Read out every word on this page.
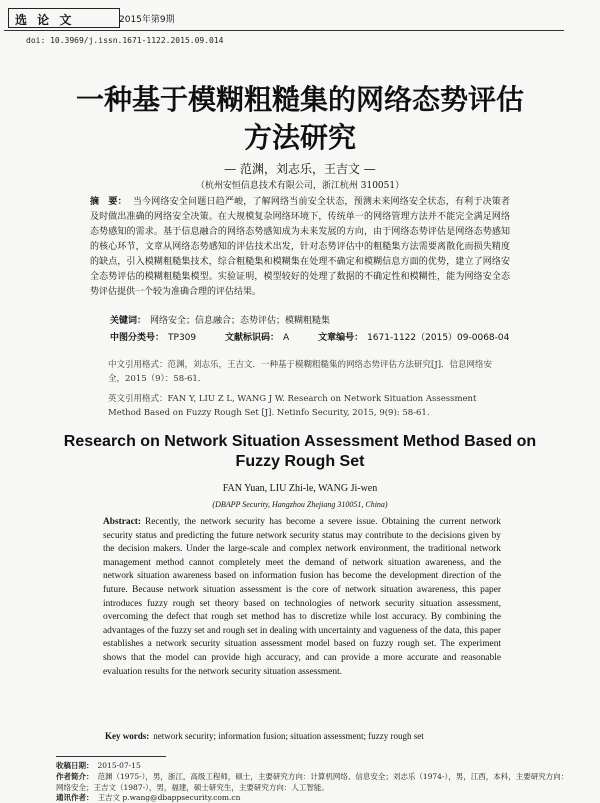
选 论 文	2015年第9期
doi: 10.3969/j.issn.1671-1122.2015.09.014
一种基于模糊粗糙集的网络态势评估
方法研究
— 范渊，刘志乐，王吉文 —
（杭州安恒信息技术有限公司，浙江杭州 310051）
摘　要： 当今网络安全问题日趋严峻，了解网络当前安全状态，预测未来网络安全状态，有利于决策者及时做出准确的网络安全决策。在大规模复杂网络环境下，传统单一的网络管理方法并不能完全满足网络态势感知的需求。基于信息融合的网络态势感知成为未来发展的方向，由于网络态势评估是网络态势感知的核心环节，文章从网络态势感知的评估技术出发，针对态势评估中的粗糙集方法需要离散化而损失精度的缺点，引入模糊粗糙集技术，综合粗糙集和模糊集在处理不确定和模糊信息方面的优势，建立了网络安全态势评估的模糊粗糙集模型。实验证明，模型较好的处理了数据的不确定性和模糊性，能为网络安全态势评估提供一个较为准确合理的评估结果。
关键词： 网络安全；信息融合；态势评估；模糊粗糙集
中图分类号： TP309	文献标识码： A	文章编号： 1671-1122（2015）09-0068-04
中文引用格式：范渊，刘志乐，王吉文．一种基于模糊粗糙集的网络态势评估方法研究[J]．信息网络安全，2015（9）：58-61．
英文引用格式：FAN Y, LIU Z L, WANG J W. Research on Network Situation Assessment Method Based on Fuzzy Rough Set [J]. Netinfo Security, 2015, 9(9): 58-61.
Research on Network Situation Assessment Method Based on
Fuzzy Rough Set
FAN Yuan, LIU Zhi-le, WANG Ji-wen
(DBAPP Security, Hangzhou Zhejiang 310051, China)
Abstract: Recently, the network security has become a severe issue. Obtaining the current network security status and predicting the future network security status may contribute to the decisions given by the decision makers. Under the large-scale and complex network environment, the traditional network management method cannot completely meet the demand of network situation awareness, and the network situation awareness based on information fusion has become the development direction of the future. Because network situation assessment is the core of network situation awareness, this paper introduces fuzzy rough set theory based on technologies of network security situation assessment, overcoming the defect that rough set method has to discretize while lost accuracy. By combining the advantages of the fuzzy set and rough set in dealing with uncertainty and vagueness of the data, this paper establishes a network security situation assessment model based on fuzzy rough set. The experiment shows that the model can provide high accuracy, and can provide a more accurate and reasonable evaluation results for the network security situation assessment.
Key words: network security; information fusion; situation assessment; fuzzy rough set
收稿日期： 2015-07-15
作者简介： 范渊（1975-），男，浙江，高级工程师，硕士，主要研究方向：计算机网络、信息安全；刘志乐（1974-），男，江西，本科，主要研究方向：
网络安全；王吉文（1987-），男，福建，硕士研究生，主要研究方向：人工智能。
通讯作者： 王吉文 p.wang@dbappsecurity.com.cn
